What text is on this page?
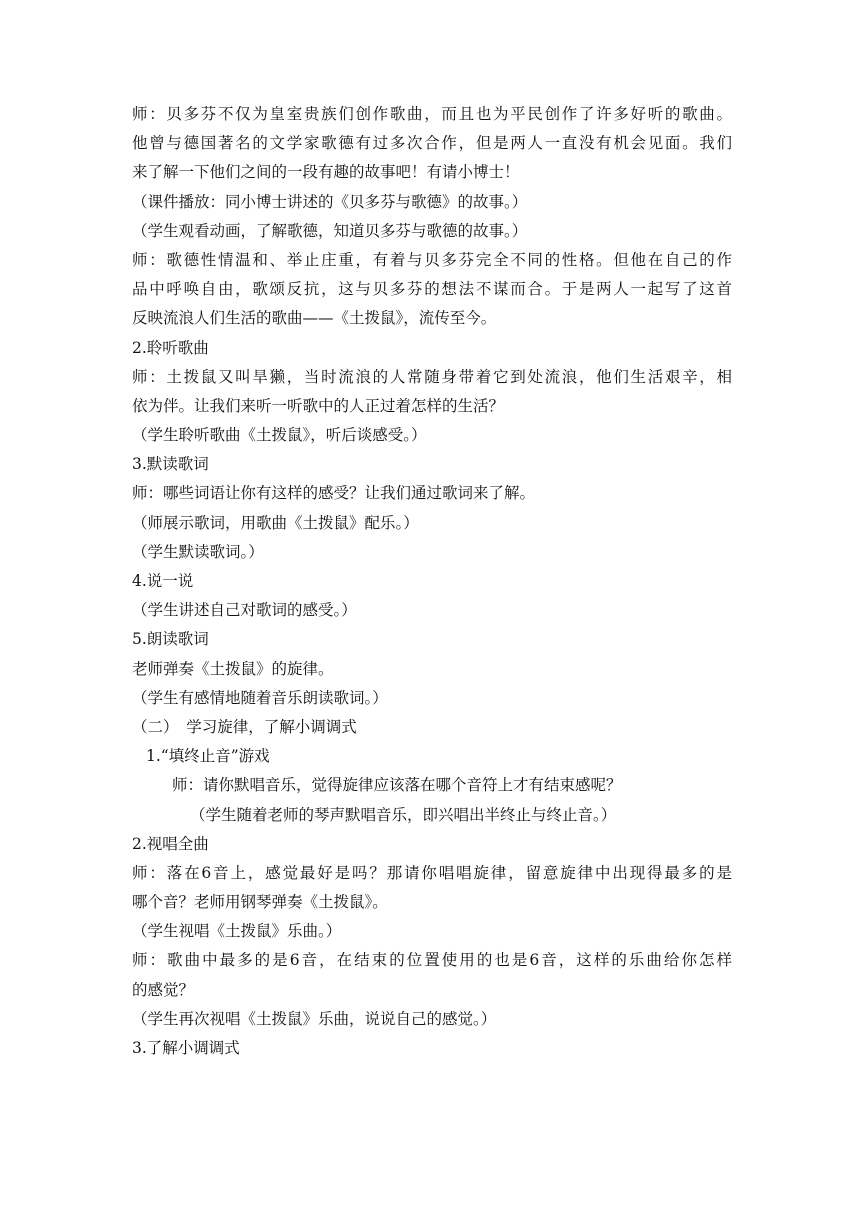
师：贝多芬不仅为皇室贵族们创作歌曲，而且也为平民创作了许多好听的歌曲。
他曾与德国著名的文学家歌德有过多次合作，但是两人一直没有机会见面。我们
来了解一下他们之间的一段有趣的故事吧！有请小博士！
（课件播放：同小博士讲述的《贝多芬与歌德》的故事。）
（学生观看动画，了解歌德，知道贝多芬与歌德的故事。）
师：歌德性情温和、举止庄重，有着与贝多芬完全不同的性格。但他在自己的作
品中呼唤自由，歌颂反抗，这与贝多芬的想法不谋而合。于是两人一起写了这首
反映流浪人们生活的歌曲——《土拨鼠》，流传至今。
2.聆听歌曲
师：土拨鼠又叫旱獭，当时流浪的人常随身带着它到处流浪，他们生活艰辛，相
依为伴。让我们来听一听歌中的人正过着怎样的生活？
（学生聆听歌曲《土拨鼠》，听后谈感受。）
3.默读歌词
师：哪些词语让你有这样的感受？让我们通过歌词来了解。
（师展示歌词，用歌曲《土拨鼠》配乐。）
（学生默读歌词。）
4.说一说
（学生讲述自己对歌词的感受。）
5.朗读歌词
老师弹奏《土拨鼠》的旋律。
（学生有感情地随着音乐朗读歌词。）
（二）　学习旋律，了解小调调式
1.“填终止音”游戏
师：请你默唱音乐，觉得旋律应该落在哪个音符上才有结束感呢？
（学生随着老师的琴声默唱音乐，即兴唱出半终止与终止音。）
2.视唱全曲
师：落在6音上，感觉最好是吗？那请你唱唱旋律，留意旋律中出现得最多的是
哪个音？老师用钢琴弹奏《土拨鼠》。
（学生视唱《土拨鼠》乐曲。）
师：歌曲中最多的是6音，在结束的位置使用的也是6音，这样的乐曲给你怎样
的感觉？
（学生再次视唱《土拨鼠》乐曲，说说自己的感觉。）
3.了解小调调式
